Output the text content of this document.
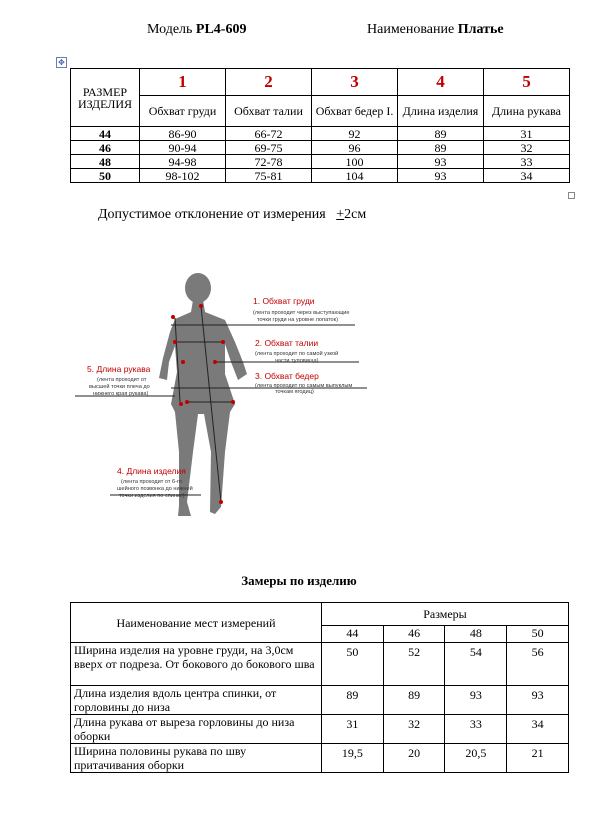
Модель PL4-609	Наименование Платье
✥
РАЗМЕР ИЗДЕЛИЯ	1	2	3	4	5
	Обхват груди	Обхват талии	Обхват бедер I.	Длина изделия	Длина рукава
44	86-90	66-72	92	89	31
46	90-94	69-75	96	89	32
48	94-98	72-78	100	93	33
50	98-102	75-81	104	93	34
Допустимое отклонение от измерения +2см
1. Обхват груди
(лента проходит через выступающие
точки груди на уровне лопаток)
2. Обхват талии
(лента проходит по самой узкой
части туловища)
3. Обхват бедер
(лента проходит по самым выпуклым
точкам ягодиц)
5. Длина рукава
(лента проходит от
высшей точки плеча до
нижнего края рукава)
4. Длина изделия
(лента проходит от 6-го
шейного позвонка до нижней
точки изделия по спинке)
Замеры по изделию
Наименование мест измерений	Размеры			
	44	46	48	50
Ширина изделия на уровне груди, на 3,0см вверх от подреза. От бокового до бокового шва	50	52	54	56
Длина изделия вдоль центра спинки, от горловины до низа	89	89	93	93
Длина рукава от выреза горловины до низа оборки	31	32	33	34
Ширина половины рукава по шву притачивания оборки	19,5	20	20,5	21
